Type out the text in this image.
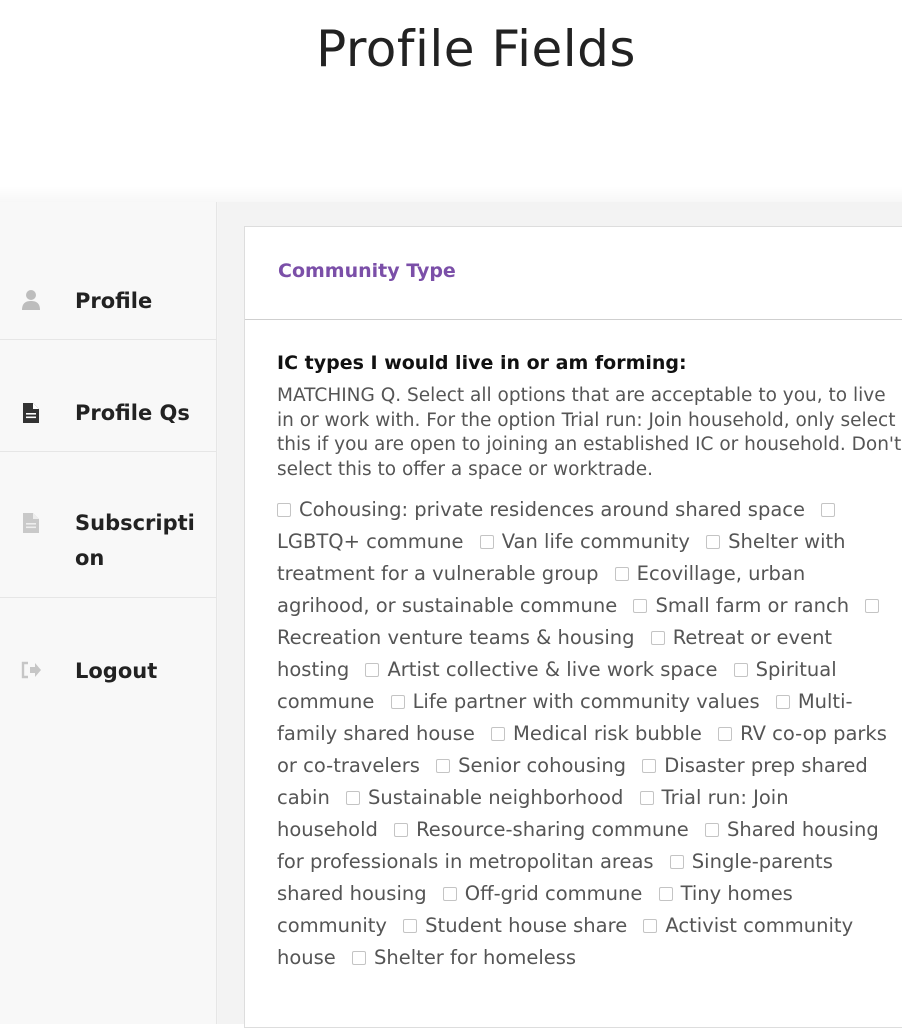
Profile Fields
Profile
Profile Qs
Subscription
Logout
Community Type
IC types I would live in or am forming:
MATCHING Q. Select all options that are acceptable to you, to live in or work with. For the option Trial run: Join household, only select this if you are open to joining an established IC or household. Don't select this to offer a space or worktrade.
Cohousing: private residences around shared space LGBTQ+ commune Van life community Shelter with treatment for a vulnerable group Ecovillage, urban agrihood, or sustainable commune Small farm or ranch Recreation venture teams & housing Retreat or event hosting Artist collective & live work space Spiritual commune Life partner with community values Multi-family shared house Medical risk bubble RV co-op parks or co-travelers Senior cohousing Disaster prep shared cabin Sustainable neighborhood Trial run: Join household Resource-sharing commune Shared housing for professionals in metropolitan areas Single-parents shared housing Off-grid commune Tiny homes community Student house share Activist community house Shelter for homeless
